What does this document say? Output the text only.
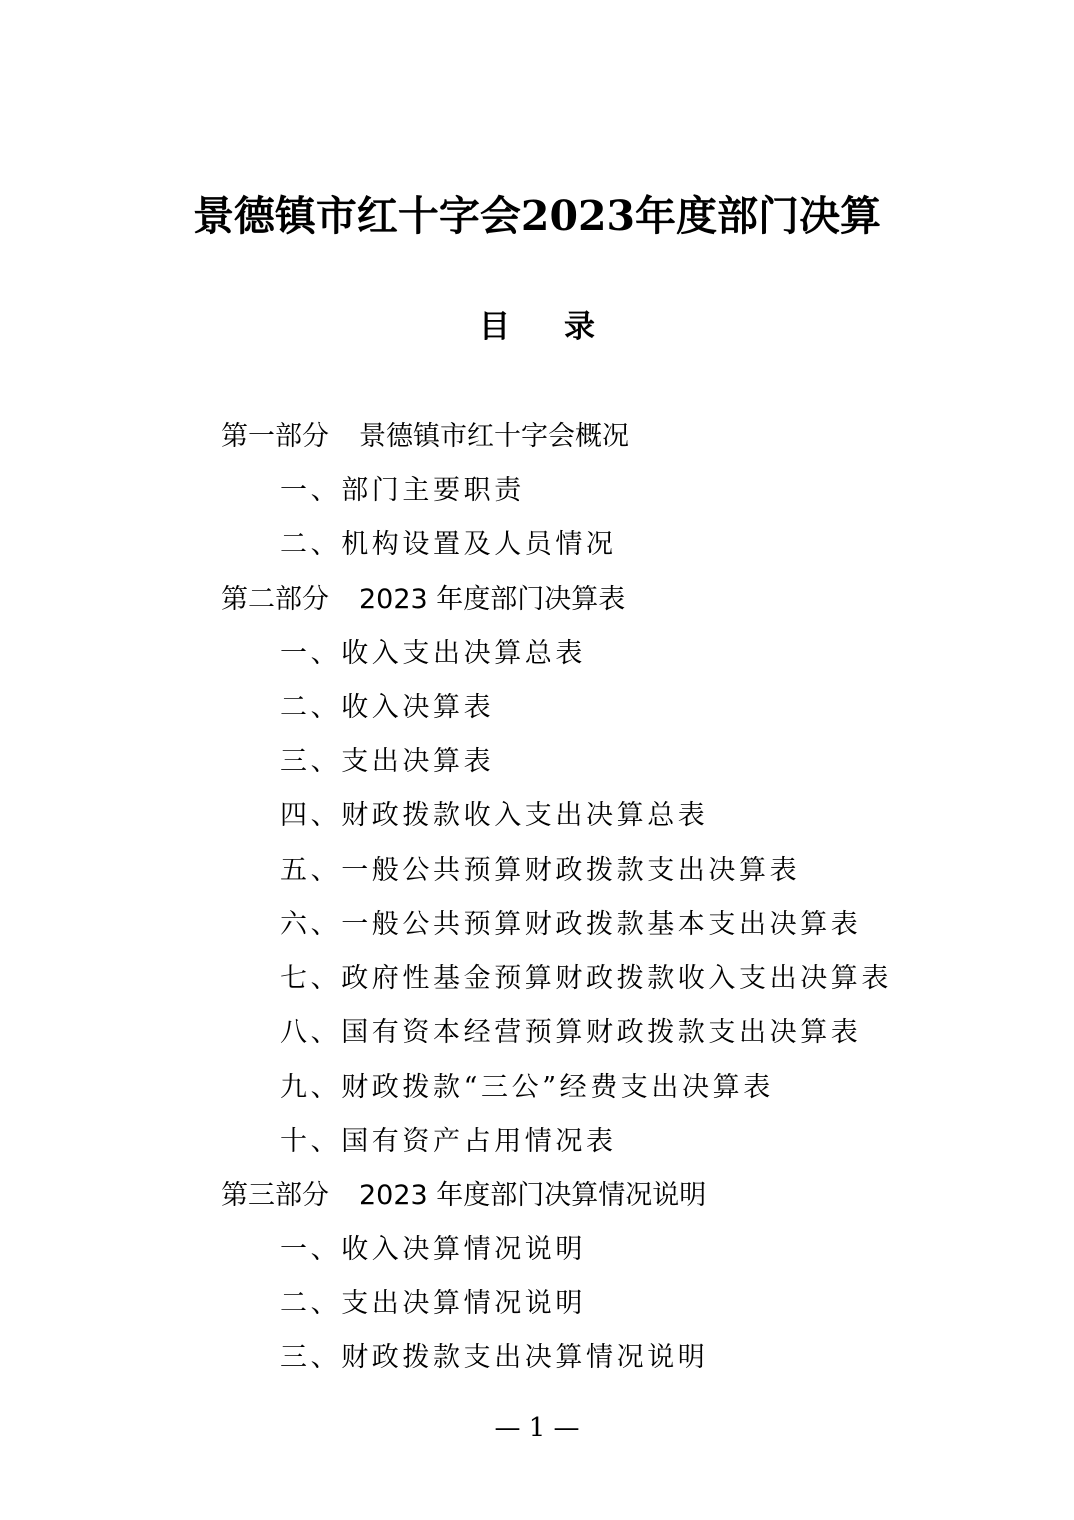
景德镇市红十字会2023年度部门决算
目录
第一部分 景德镇市红十字会概况
一、部门主要职责
二、机构设置及人员情况
第二部分 2023 年度部门决算表
一、收入支出决算总表
二、收入决算表
三、支出决算表
四、财政拨款收入支出决算总表
五、一般公共预算财政拨款支出决算表
六、一般公共预算财政拨款基本支出决算表
七、政府性基金预算财政拨款收入支出决算表
八、国有资本经营预算财政拨款支出决算表
九、财政拨款“三公”经费支出决算表
十、国有资产占用情况表
第三部分 2023 年度部门决算情况说明
一、收入决算情况说明
二、支出决算情况说明
三、财政拨款支出决算情况说明
— 1 —
